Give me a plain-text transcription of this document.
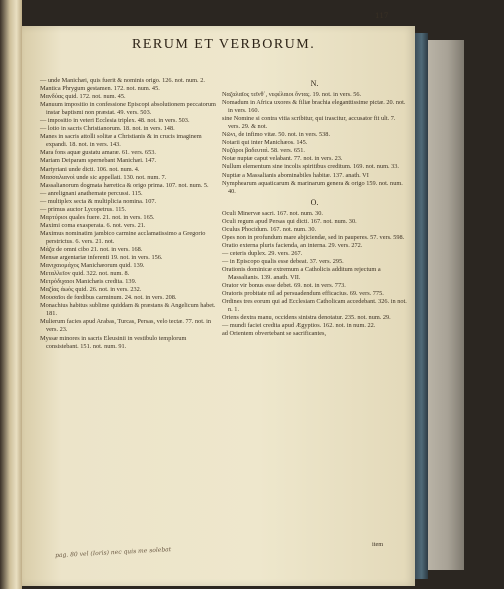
117
RERUM ET VERBORUM.

— unde Manichæi, quis fuerit & nominis origo. 126. not. num. 2.

Mantica Phrygum gestamen. 172. not. num. 45.

Μανδύας quid. 172. not. num. 45.

Manuum impositio in confessione Episcopi absolutionem peccatorum instar baptismi non præstat. 49. vers. 503.

— impositio in veteri Ecclesia triplex. 48. not. in vers. 503.

— lotio in sacris Christianorum. 18. not. in vers. 148.

Manes in sacris attolli solitæ a Christianis & in crucis imaginem expandi. 18. not. in vers. 143.

Mara fons aquæ gustatu amaræ. 61. vers. 653.

Mariam Deiparam spernebant Manichæi. 147.

Martyriani unde dicti. 106. not. num. 4.

Μασσαλιανοὶ unde sic appellati. 130. not. num. 7.

Massalianorum dogmata hæretica & origo prima. 107. not. num. 5.

— anrelignani anathemate percussi. 115.

— multiplex secta & multiplicia nomina. 107.

— primus auctor Lycopetrus. 115.

Μαρτύριοι quales fuere. 21. not. in vers. 165.

Maximi coma exasperata. 6. not. vers. 21.

Maximus nominatim jambico carmine acclamatissimo a Gregorio perstrictus. 6. vers. 21. not.

Μάζα de omni cibo 21. not. in vers. 168.

Mensæ argentariæ inferenti 19. not. in vers. 156.

Μανιχαιομάχος Manichæorum quid. 139.

Μεταλλεῖον quid. 322. not. num. 8.

Μετρόδιχαιοι Manichæis credita. 139.

Μαζίας ἀωὸς quid. 26. not. in vers. 232.

Μουσαῖοι de fœdibus carminum. 24. not. in vers. 208.

Monachius habitus sublime quiddam & præstans & Angelicum habet. 181.

Mulierum facies apud Arabas, Turcas, Persas, velo tectæ. 77. not. in vers. 23.

Myssæ minores in sacris Eleusinii in vestibulo templorum consistebant. 151. not. num. 91.

N.

Ναζαλαῖος τεῖνθ᾽, νεφέλαιοι ὄντας. 19. not. in vers. 56.

Nomadum in Africa uxores & filiæ brachia eleganttissime pictæ. 20. not. in vers. 160.

sine Nomine si contra vitia scribitur, qui irascitur, accusator fit ult. 7. vers. 29. & not.

Νῶνι, de infimo vitæ. 50. not. in vers. 538.

Notarii qui inter Manichæos. 145.

Νυζάροι βαδευταὶ. 58. vers. 651.

Notæ nuptæ caput velabant. 77. not. in vers. 23.

Nullum elementum sine incolis spiritibus creditum. 169. not. num. 33.

Nuptiæ a Massalianis abominabiles habitæ. 137. anath. VI

Nymphearum aquaticarum & marinarum genera & origo 159. not. num. 40.

O.

Oculi Minervæ sacri. 167. not. num. 30.

Oculi regum apud Persas qui dicti. 167. not. num. 30.

Oculus Phocidum. 167. not. num. 30.

Opes non in profundum mare abjiciendæ, sed in pauperes. 57. vers. 598.

Oratio externa pluris facienda, an interna. 29. vers. 272.

— ceteris duplex. 29. vers. 267.

— in Episcopo qualis esse debeat. 37. vers. 295.

Orationis dominicæ extremum a Catholicis additum rejectum a Massalianis. 139. anath. VII.

Orator vir bonus esse debet. 69. not. in vers. 773.

Oratoris probitate nil ad persuadendum efficacius. 69. vers. 775.

Ordines tres eorum qui ad Ecclesiam Catholicam accedebant. 326. in not. n. 1.

Oriens dextra manu, occidens sinistra denotatur. 235. not. num. 29.

— mundi faciei credita apud Ægyptios. 162. not. in num. 22.

ad Orientem obvertebant se sacrificantes,

item
pag. 80 vel (Ioris) nec quis me solebat
